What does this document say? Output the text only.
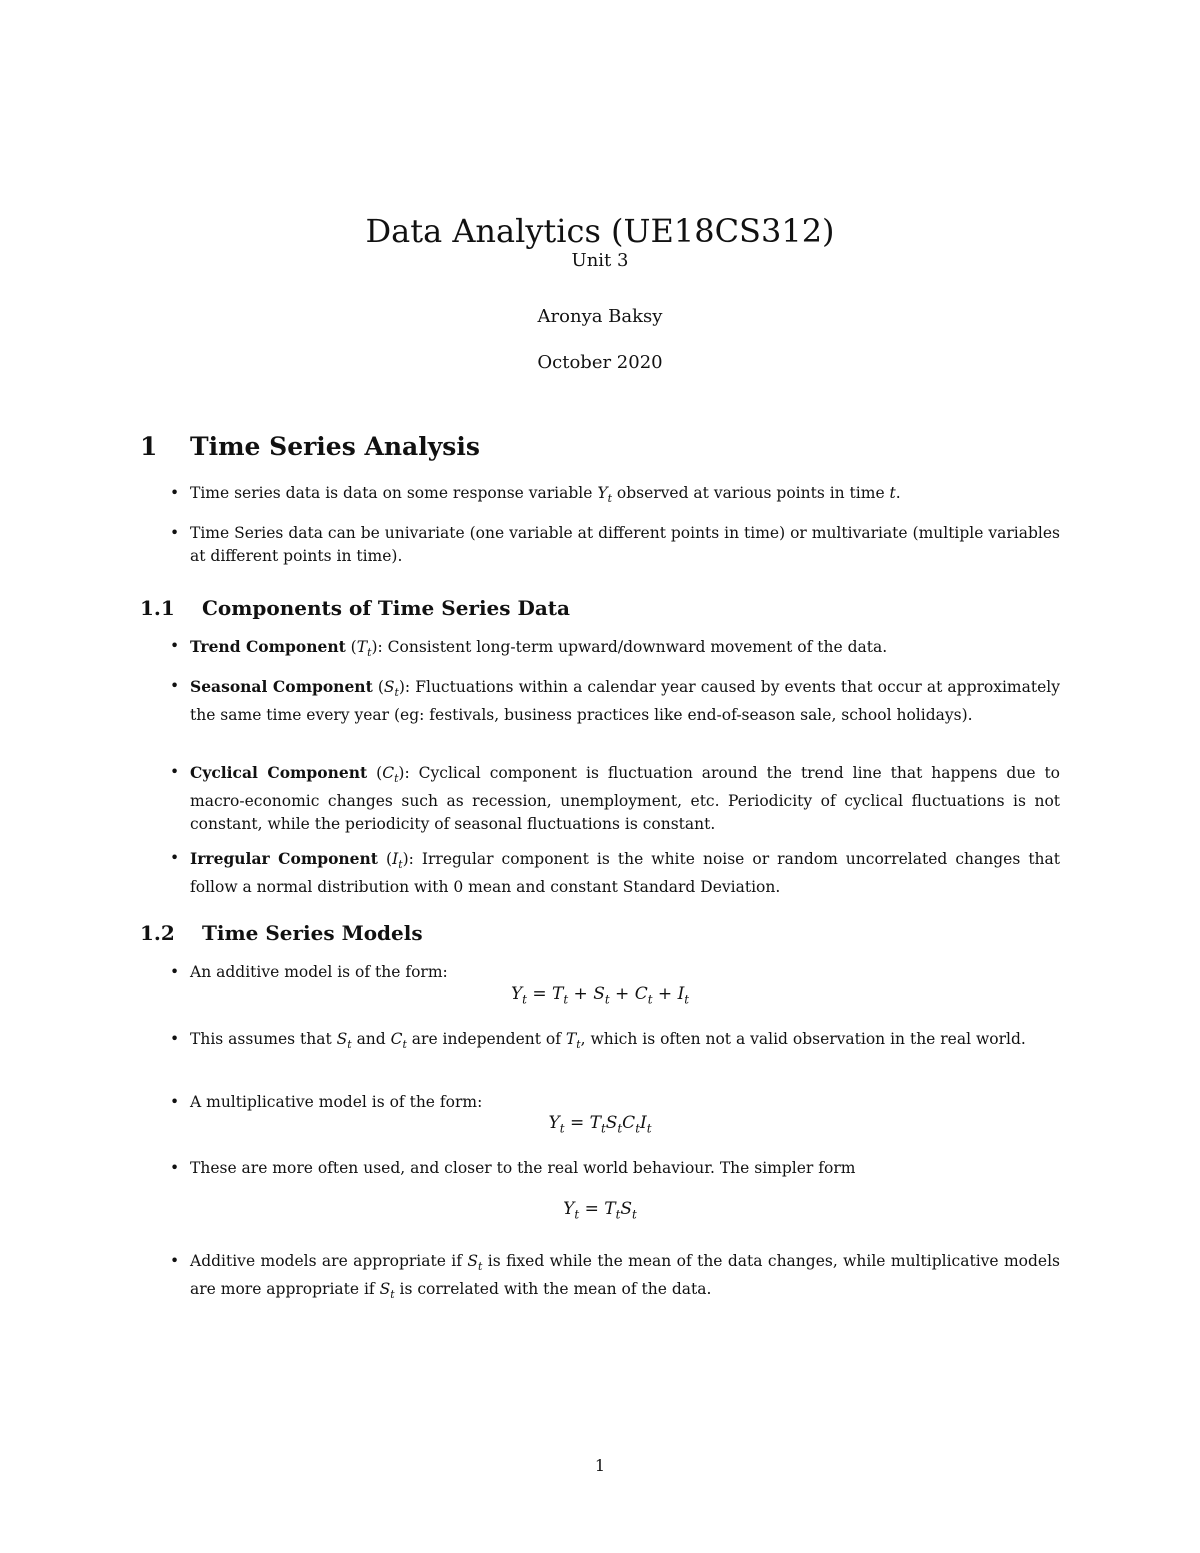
Data Analytics (UE18CS312)
Unit 3
Aronya Baksy
October 2020
1 Time Series Analysis
• Time series data is data on some response variable $Y_t$ observed at various points in time t.
• Time Series data can be univariate (one variable at different points in time) or multivariate (multiple variables at different points in time).
1.1 Components of Time Series Data
• Trend Component $(T_t)$: Consistent long-term upward/downward movement of the data.
• Seasonal Component $(S_t)$: Fluctuations within a calendar year caused by events that occur at approximately the same time every year (eg: festivals, business practices like end-of-season sale, school holidays).
• Cyclical Component $(C_t)$: Cyclical component is fluctuation around the trend line that happens due to macro-economic changes such as recession, unemployment, etc. Periodicity of cyclical fluctuations is not constant, while the periodicity of seasonal fluctuations is constant.
• Irregular Component $(I_t)$: Irregular component is the white noise or random uncorrelated changes that follow a normal distribution with 0 mean and constant Standard Deviation.
1.2 Time Series Models
• An additive model is of the form:
$Y_t = T_t + S_t + C_t + I_t$
• This assumes that $S_t$ and $C_t$ are independent of $T_t$, which is often not a valid observation in the real world.
• A multiplicative model is of the form:
$Y_t = T_tS_tC_tI_t$
• These are more often used, and closer to the real world behaviour. The simpler form
$Y_t = T_tS_t$
• Additive models are appropriate if $S_t$ is fixed while the mean of the data changes, while multiplicative models are more appropriate if $S_t$ is correlated with the mean of the data.
1
